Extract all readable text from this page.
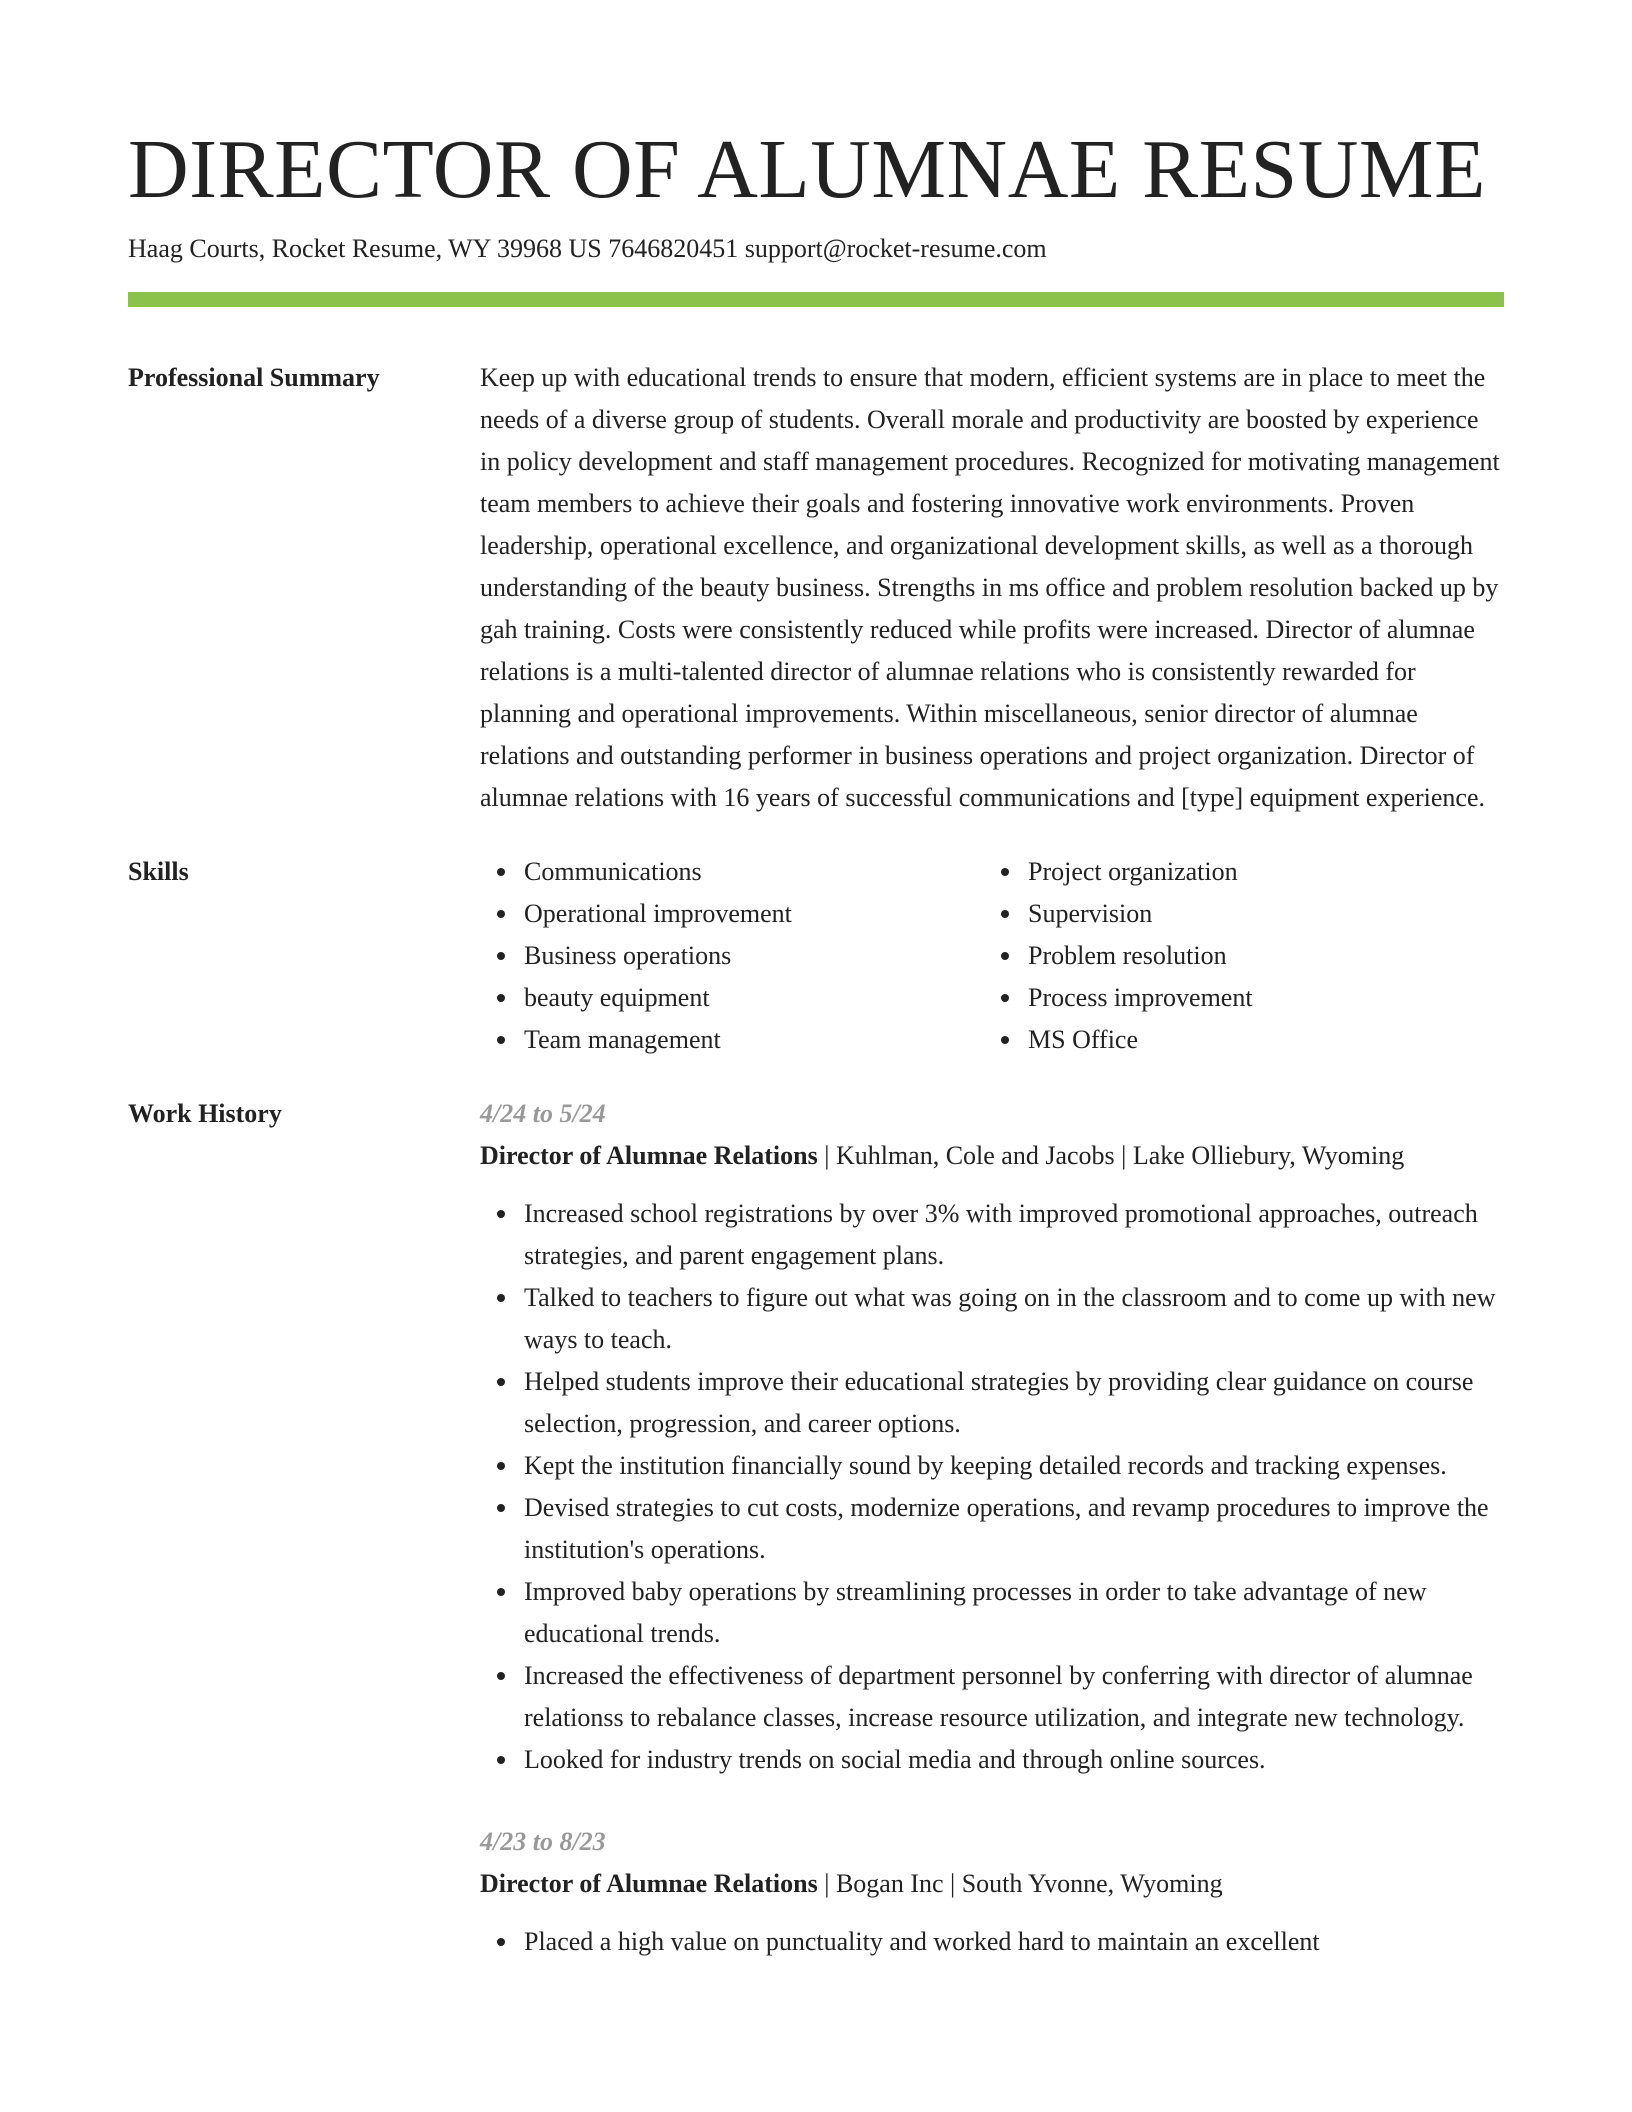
DIRECTOR OF ALUMNAE RESUME
Haag Courts, Rocket Resume, WY 39968 US 7646820451 support@rocket-resume.com
Professional Summary	Keep up with educational trends to ensure that modern, efficient systems are in place to meet the needs of a diverse group of students. Overall morale and productivity are boosted by experience in policy development and staff management procedures. Recognized for motivating management team members to achieve their goals and fostering innovative work environments. Proven leadership, operational excellence, and organizational development skills, as well as a thorough understanding of the beauty business. Strengths in ms office and problem resolution backed up by gah training. Costs were consistently reduced while profits were increased. Director of alumnae relations is a multi-talented director of alumnae relations who is consistently rewarded for planning and operational improvements. Within miscellaneous, senior director of alumnae relations and outstanding performer in business operations and project organization. Director of alumnae relations with 16 years of successful communications and [type] equipment experience.

Skills	Communications
Operational improvement
Business operations
beauty equipment
Team management
Project organization
Supervision
Problem resolution
Process improvement
MS Office
Work History	4/24 to 5/24
Director of Alumnae Relations | Kuhlman, Cole and Jacobs | Lake Olliebury, Wyoming
Increased school registrations by over 3% with improved promotional approaches, outreach strategies, and parent engagement plans.
Talked to teachers to figure out what was going on in the classroom and to come up with new ways to teach.
Helped students improve their educational strategies by providing clear guidance on course selection, progression, and career options.
Kept the institution financially sound by keeping detailed records and tracking expenses.
Devised strategies to cut costs, modernize operations, and revamp procedures to improve the institution's operations.
Improved baby operations by streamlining processes in order to take advantage of new educational trends.
Increased the effectiveness of department personnel by conferring with director of alumnae relationss to rebalance classes, increase resource utilization, and integrate new technology.
Looked for industry trends on social media and through online sources.
4/23 to 8/23
Director of Alumnae Relations | Bogan Inc | South Yvonne, Wyoming
Placed a high value on punctuality and worked hard to maintain an excellent
